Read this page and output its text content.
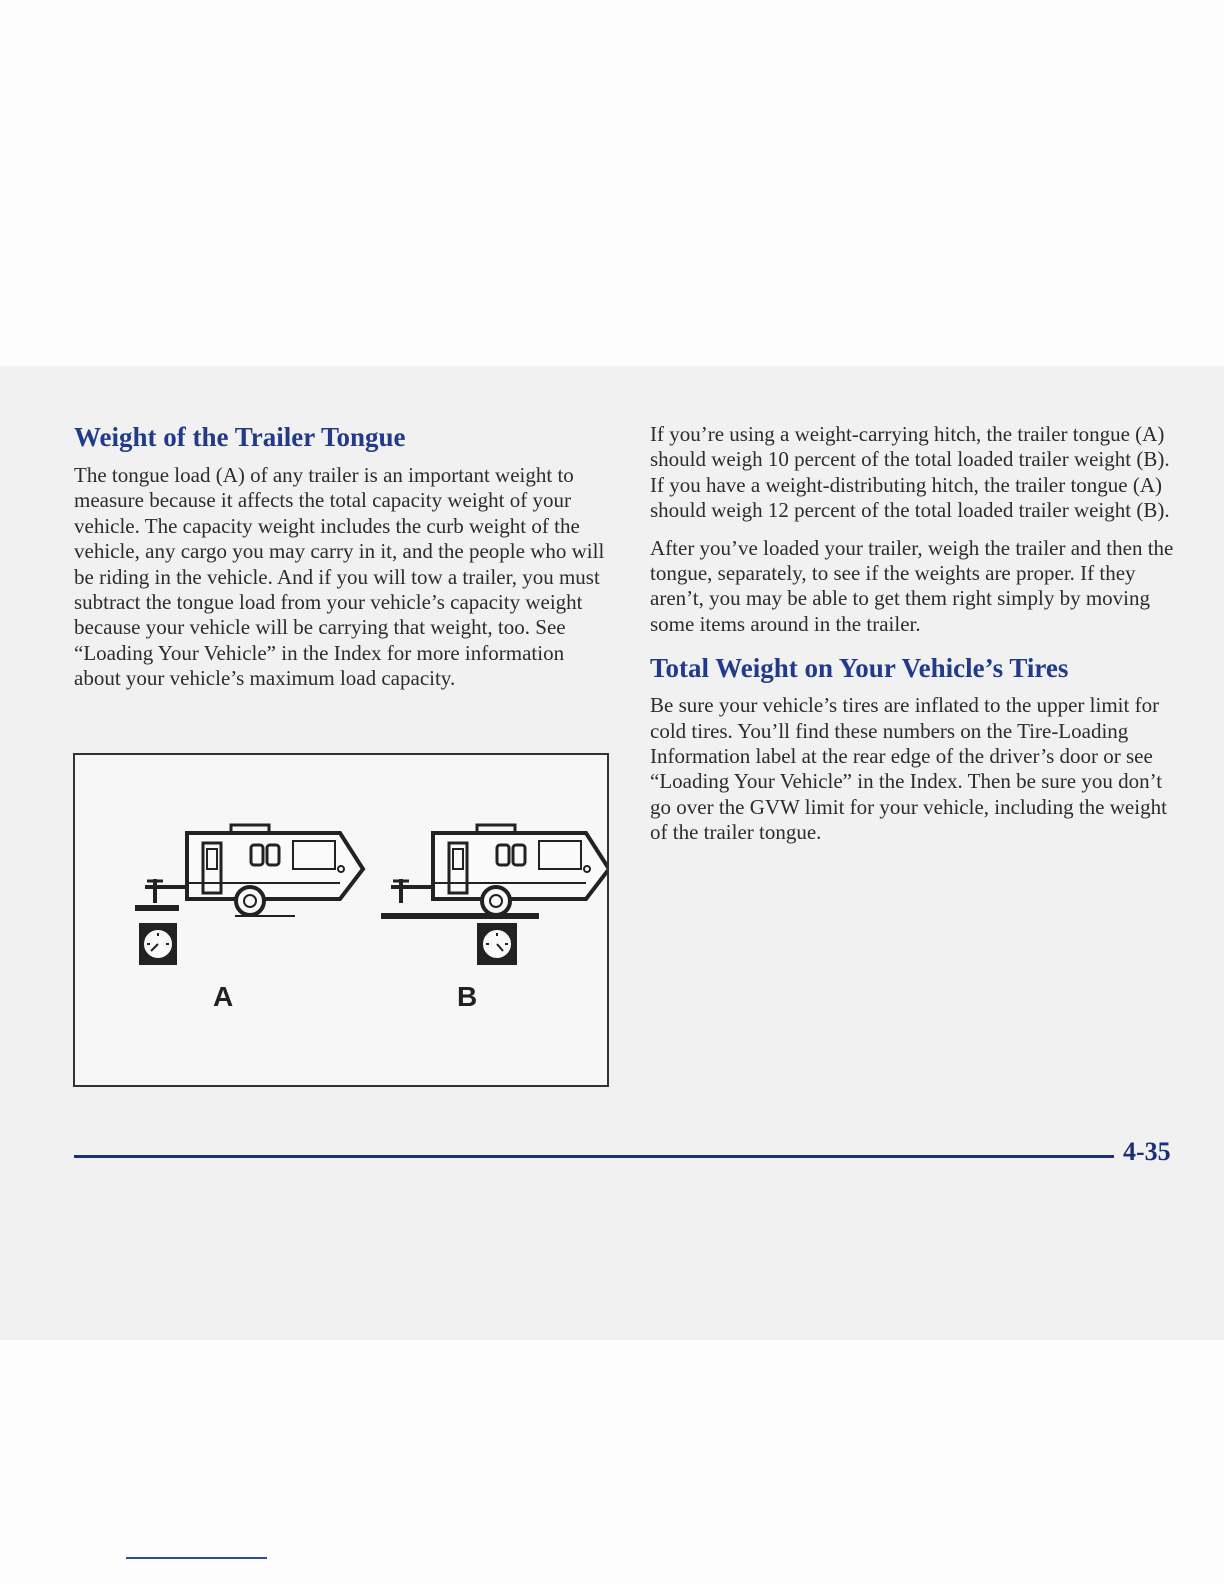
Weight of the Trailer Tongue

The tongue load (A) of any trailer is an important weight to measure because it affects the total capacity weight of your vehicle. The capacity weight includes the curb weight of the vehicle, any cargo you may carry in it, and the people who will be riding in the vehicle. And if you will tow a trailer, you must subtract the tongue load from your vehicle’s capacity weight because your vehicle will be carrying that weight, too. See “Loading Your Vehicle” in the Index for more information about your vehicle’s maximum load capacity.

A	B

If you’re using a weight-carrying hitch, the trailer tongue (A) should weigh 10 percent of the total loaded trailer weight (B). If you have a weight-distributing hitch, the trailer tongue (A) should weigh 12 percent of the total loaded trailer weight (B).

After you’ve loaded your trailer, weigh the trailer and then the tongue, separately, to see if the weights are proper. If they aren’t, you may be able to get them right simply by moving some items around in the trailer.

Total Weight on Your Vehicle’s Tires

Be sure your vehicle’s tires are inflated to the upper limit for cold tires. You’ll find these numbers on the Tire-Loading Information label at the rear edge of the driver’s door or see “Loading Your Vehicle” in the Index. Then be sure you don’t go over the GVW limit for your vehicle, including the weight of the trailer tongue.

4-35
